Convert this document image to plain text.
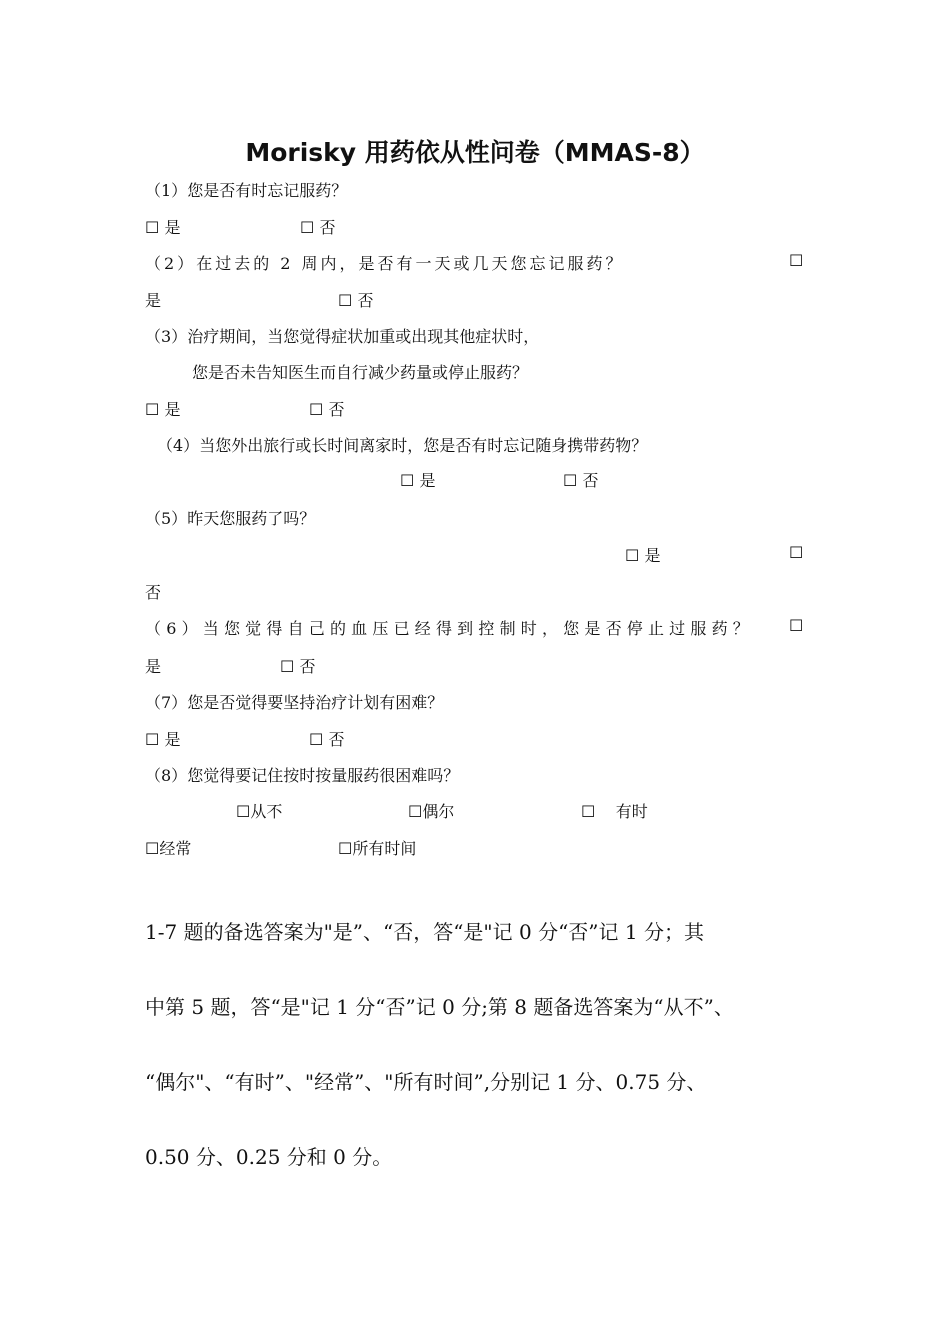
Morisky 用药依从性问卷（MMAS-8）
（1）您是否有时忘记服药？
☐ 是	☐ 否
（2）在过去的 2 周内，是否有一天或几天您忘记服药？	☐
是	☐ 否
（3）治疗期间，当您觉得症状加重或出现其他症状时，
您是否未告知医生而自行减少药量或停止服药？
☐ 是	☐ 否
（4）当您外出旅行或长时间离家时，您是否有时忘记随身携带药物？
☐ 是	☐ 否
（5）昨天您服药了吗？
☐ 是	☐
否
（6）当您觉得自己的血压已经得到控制时，您是否停止过服药？ ☐
是	☐ 否
（7）您是否觉得要坚持治疗计划有困难？
☐ 是	☐ 否
（8）您觉得要记住按时按量服药很困难吗？
☐从不	☐偶尔	☐ 有时
☐经常	☐所有时间
1-7 题的备选答案为"是”、“否，答“是"记 0 分“否”记 1 分；其
中第 5 题，答“是"记 1 分“否”记 0 分;第 8 题备选答案为“从不”、
“偶尔"、“有时”、"经常”、"所有时间”,分别记 1 分、0.75 分、
0.50 分、0.25 分和 0 分。
